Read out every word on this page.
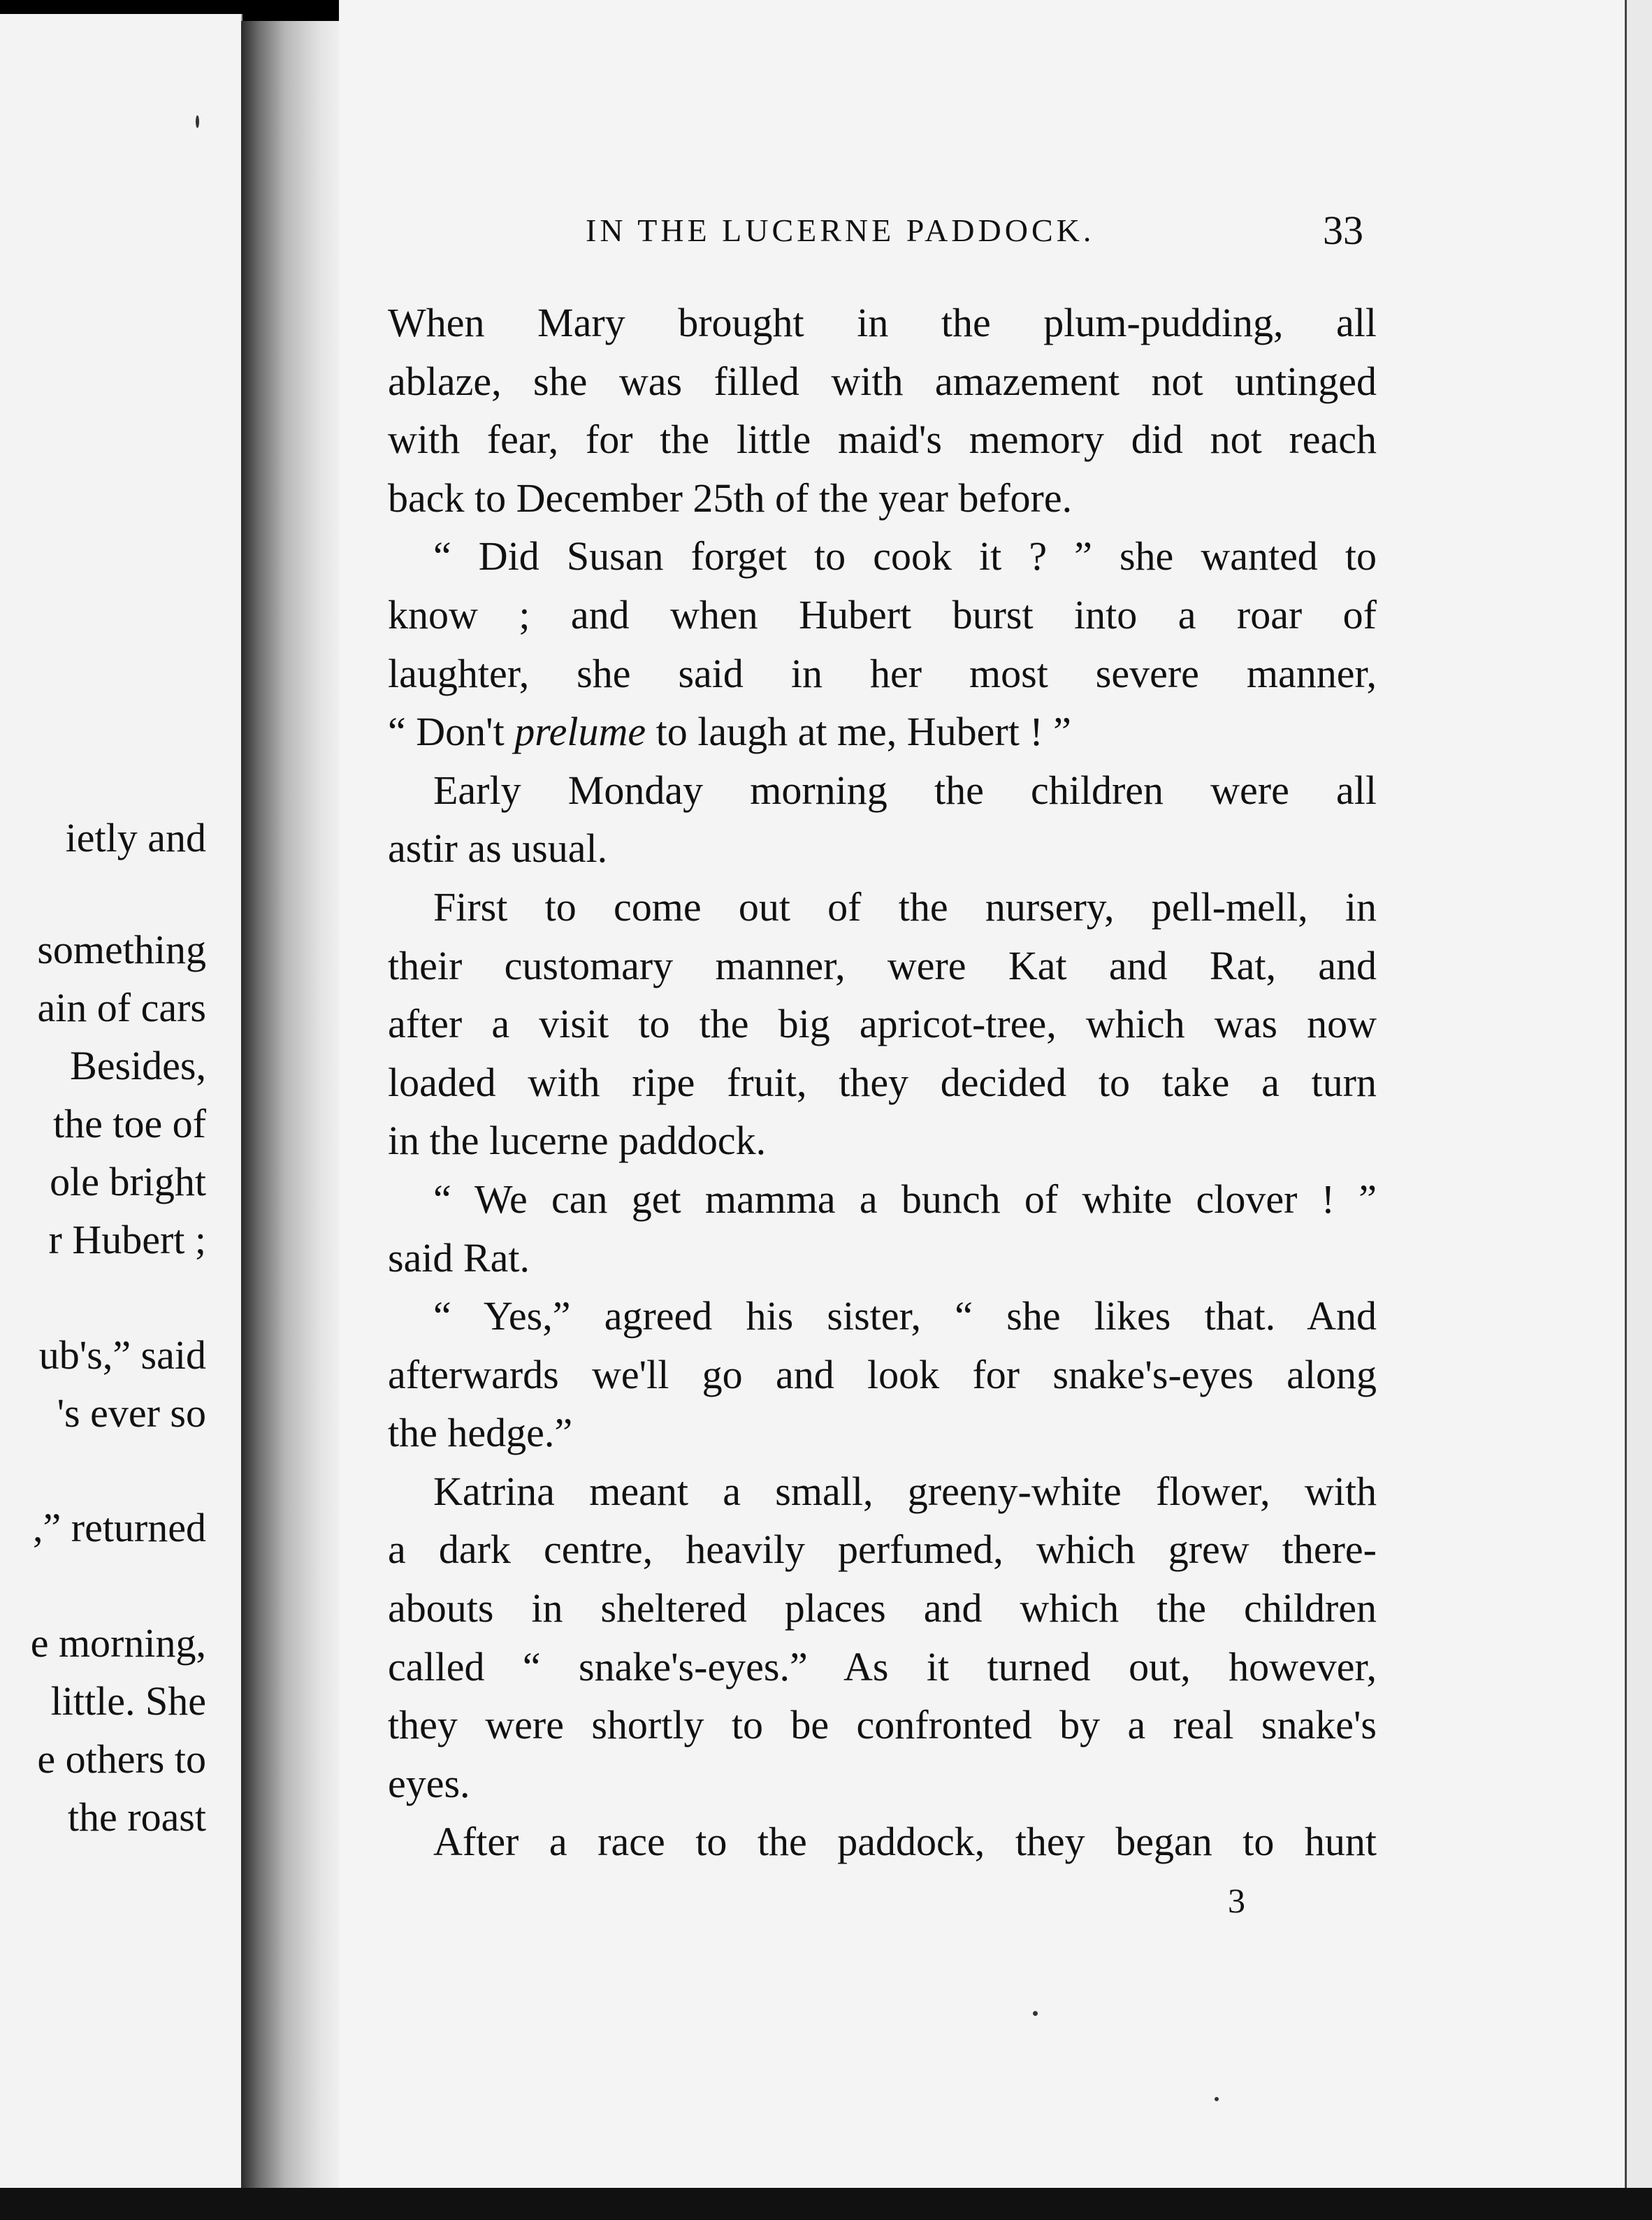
ietly and
something
ain of cars
Besides,
the toe of
ole bright
r Hubert ;
ub's,” said
's ever so
,” returned
e morning,
little. She
e others to
the roast
IN THE LUCERNE PADDOCK.	33
When Mary brought in the plum-pudding, all
ablaze, she was filled with amazement not untinged
with fear, for the little maid's memory did not reach
back to December 25th of the year before.
“ Did Susan forget to cook it ? ” she wanted to
know ; and when Hubert burst into a roar of
laughter, she said in her most severe manner,
“ Don't prelume to laugh at me, Hubert ! ”
Early Monday morning the children were all
astir as usual.
First to come out of the nursery, pell-mell, in
their customary manner, were Kat and Rat, and
after a visit to the big apricot-tree, which was now
loaded with ripe fruit, they decided to take a turn
in the lucerne paddock.
“ We can get mamma a bunch of white clover ! ”
said Rat.
“ Yes,” agreed his sister, “ she likes that. And
afterwards we'll go and look for snake's-eyes along
the hedge.”
Katrina meant a small, greeny-white flower, with
a dark centre, heavily perfumed, which grew there-
abouts in sheltered places and which the children
called “ snake's-eyes.” As it turned out, however,
they were shortly to be confronted by a real snake's
eyes.
After a race to the paddock, they began to hunt
3
